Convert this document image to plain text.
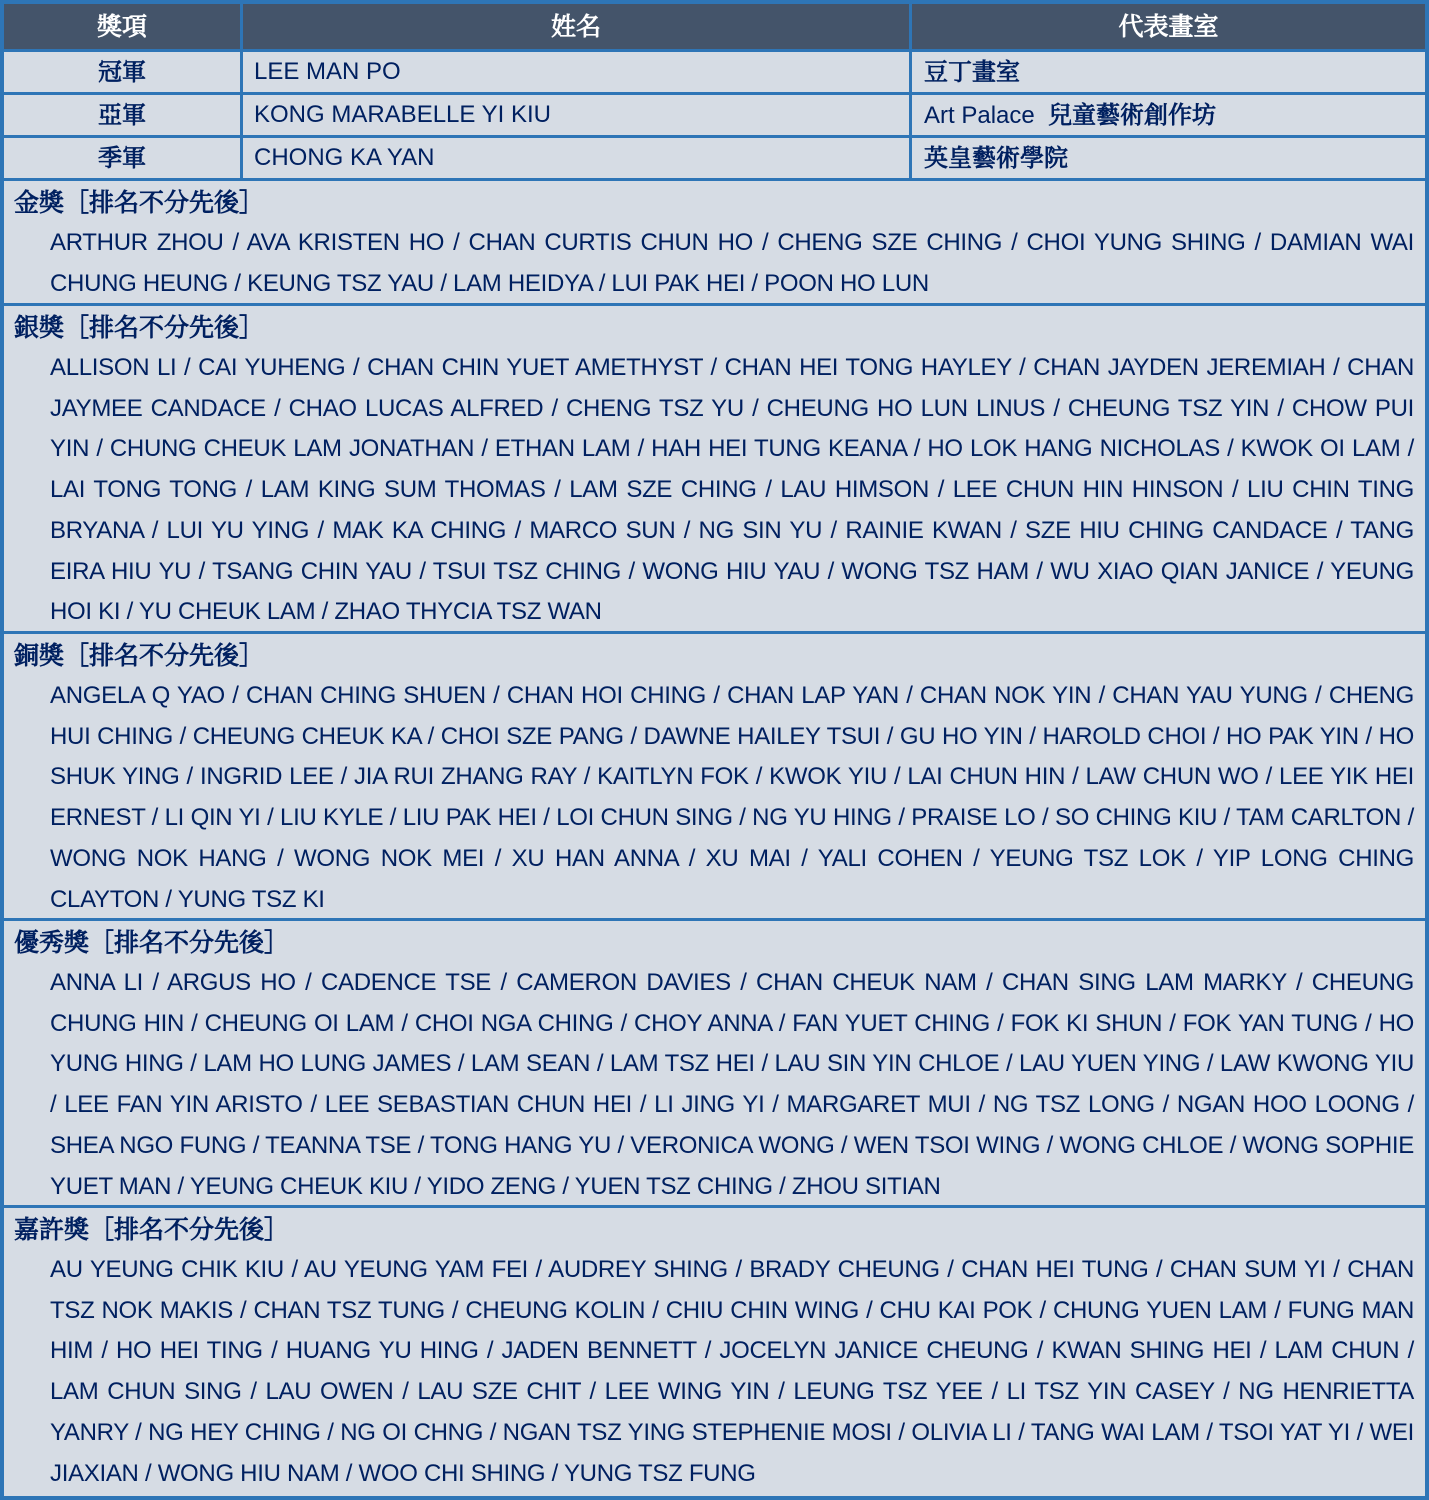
獎項	姓名	代表畫室
冠軍	LEE MAN PO	豆丁畫室
亞軍	KONG MARABELLE YI KIU	Art Palace 兒童藝術創作坊
季軍	CHONG KA YAN	英皇藝術學院
金獎［排名不分先後］
ARTHUR ZHOU / AVA KRISTEN HO / CHAN CURTIS CHUN HO / CHENG SZE CHING / CHOI YUNG SHING / DAMIAN WAI CHUNG HEUNG / KEUNG TSZ YAU / LAM HEIDYA / LUI PAK HEI / POON HO LUN
銀獎［排名不分先後］
ALLISON LI / CAI YUHENG / CHAN CHIN YUET AMETHYST / CHAN HEI TONG HAYLEY / CHAN JAYDEN JEREMIAH / CHAN JAYMEE CANDACE / CHAO LUCAS ALFRED / CHENG TSZ YU / CHEUNG HO LUN LINUS / CHEUNG TSZ YIN / CHOW PUI YIN / CHUNG CHEUK LAM JONATHAN / ETHAN LAM / HAH HEI TUNG KEANA / HO LOK HANG NICHOLAS / KWOK OI LAM / LAI TONG TONG / LAM KING SUM THOMAS / LAM SZE CHING / LAU HIMSON / LEE CHUN HIN HINSON / LIU CHIN TING BRYANA / LUI YU YING / MAK KA CHING / MARCO SUN / NG SIN YU / RAINIE KWAN / SZE HIU CHING CANDACE / TANG EIRA HIU YU / TSANG CHIN YAU / TSUI TSZ CHING / WONG HIU YAU / WONG TSZ HAM / WU XIAO QIAN JANICE / YEUNG HOI KI / YU CHEUK LAM / ZHAO THYCIA TSZ WAN
銅獎［排名不分先後］
ANGELA Q YAO / CHAN CHING SHUEN / CHAN HOI CHING / CHAN LAP YAN / CHAN NOK YIN / CHAN YAU YUNG / CHENG HUI CHING / CHEUNG CHEUK KA / CHOI SZE PANG / DAWNE HAILEY TSUI / GU HO YIN / HAROLD CHOI / HO PAK YIN / HO SHUK YING / INGRID LEE / JIA RUI ZHANG RAY / KAITLYN FOK / KWOK YIU / LAI CHUN HIN / LAW CHUN WO / LEE YIK HEI ERNEST / LI QIN YI / LIU KYLE / LIU PAK HEI / LOI CHUN SING / NG YU HING / PRAISE LO / SO CHING KIU / TAM CARLTON / WONG NOK HANG / WONG NOK MEI / XU HAN ANNA / XU MAI / YALI COHEN / YEUNG TSZ LOK / YIP LONG CHING CLAYTON / YUNG TSZ KI
優秀獎［排名不分先後］
ANNA LI / ARGUS HO / CADENCE TSE / CAMERON DAVIES / CHAN CHEUK NAM / CHAN SING LAM MARKY / CHEUNG CHUNG HIN / CHEUNG OI LAM / CHOI NGA CHING / CHOY ANNA / FAN YUET CHING / FOK KI SHUN / FOK YAN TUNG / HO YUNG HING / LAM HO LUNG JAMES / LAM SEAN / LAM TSZ HEI / LAU SIN YIN CHLOE / LAU YUEN YING / LAW KWONG YIU / LEE FAN YIN ARISTO / LEE SEBASTIAN CHUN HEI / LI JING YI / MARGARET MUI / NG TSZ LONG / NGAN HOO LOONG / SHEA NGO FUNG / TEANNA TSE / TONG HANG YU / VERONICA WONG / WEN TSOI WING / WONG CHLOE / WONG SOPHIE YUET MAN / YEUNG CHEUK KIU / YIDO ZENG / YUEN TSZ CHING / ZHOU SITIAN
嘉許獎［排名不分先後］
AU YEUNG CHIK KIU / AU YEUNG YAM FEI / AUDREY SHING / BRADY CHEUNG / CHAN HEI TUNG / CHAN SUM YI / CHAN TSZ NOK MAKIS / CHAN TSZ TUNG / CHEUNG KOLIN / CHIU CHIN WING / CHU KAI POK / CHUNG YUEN LAM / FUNG MAN HIM / HO HEI TING / HUANG YU HING / JADEN BENNETT / JOCELYN JANICE CHEUNG / KWAN SHING HEI / LAM CHUN / LAM CHUN SING / LAU OWEN / LAU SZE CHIT / LEE WING YIN / LEUNG TSZ YEE / LI TSZ YIN CASEY / NG HENRIETTA YANRY / NG HEY CHING / NG OI CHNG / NGAN TSZ YING STEPHENIE MOSI / OLIVIA LI / TANG WAI LAM / TSOI YAT YI / WEI JIAXIAN / WONG HIU NAM / WOO CHI SHING / YUNG TSZ FUNG
